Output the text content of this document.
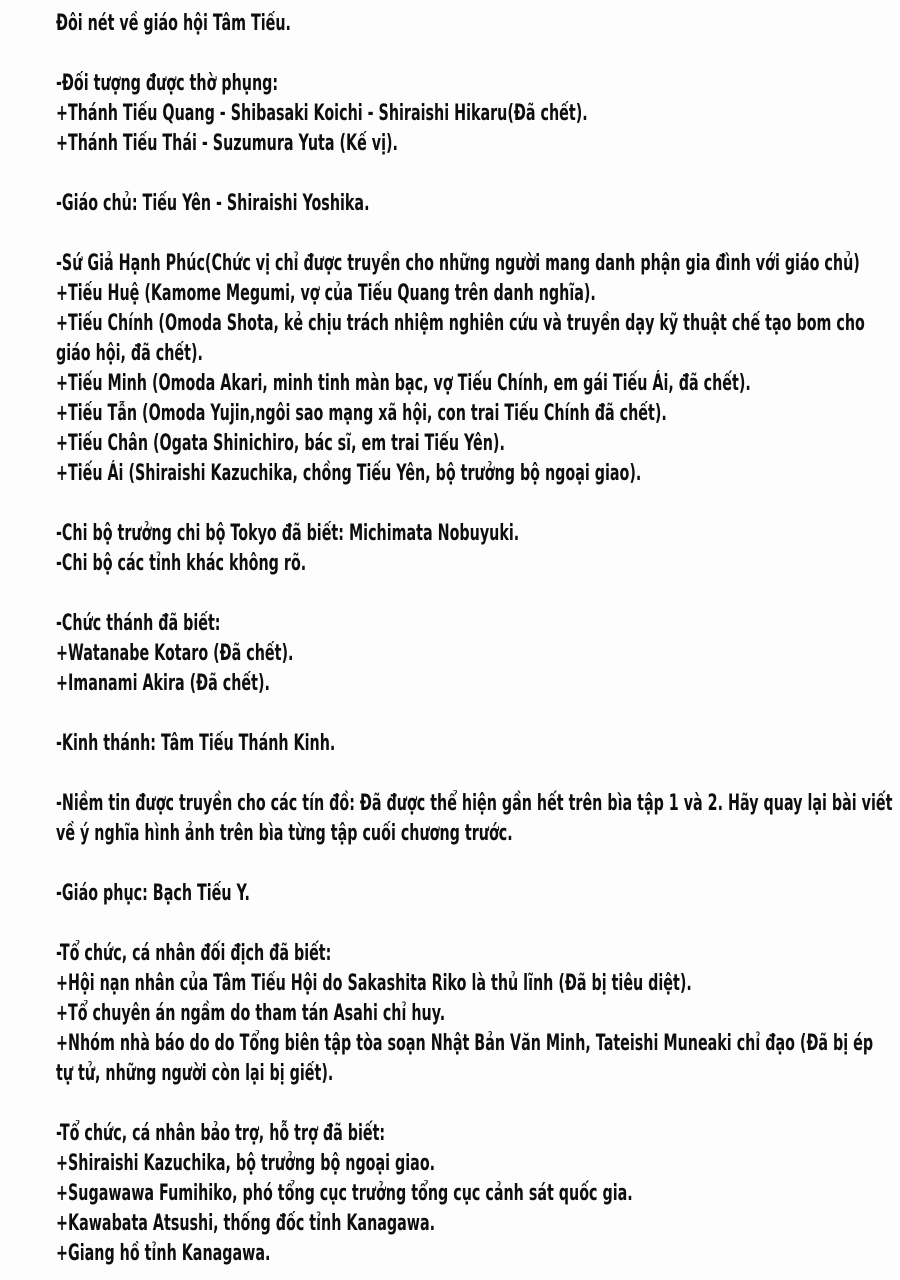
Đôi nét về giáo hội Tâm Tiếu.
-Đối tượng được thờ phụng:
+Thánh Tiếu Quang - Shibasaki Koichi - Shiraishi Hikaru(Đã chết).
+Thánh Tiếu Thái - Suzumura Yuta (Kế vị).
-Giáo chủ: Tiếu Yên - Shiraishi Yoshika.
-Sứ Giả Hạnh Phúc(Chức vị chỉ được truyền cho những người mang danh phận gia đình với giáo chủ)
+Tiếu Huệ (Kamome Megumi, vợ của Tiếu Quang trên danh nghĩa).
+Tiếu Chính (Omoda Shota, kẻ chịu trách nhiệm nghiên cứu và truyền dạy kỹ thuật chế tạo bom cho
giáo hội, đã chết).
+Tiếu Minh (Omoda Akari, minh tinh màn bạc, vợ Tiếu Chính, em gái Tiếu Ái, đã chết).
+Tiếu Tẫn (Omoda Yujin,ngôi sao mạng xã hội, con trai Tiếu Chính đã chết).
+Tiếu Chân (Ogata Shinichiro, bác sĩ, em trai Tiếu Yên).
+Tiếu Ái (Shiraishi Kazuchika, chồng Tiếu Yên, bộ trưởng bộ ngoại giao).
-Chi bộ trưởng chi bộ Tokyo đã biết: Michimata Nobuyuki.
-Chi bộ các tỉnh khác không rõ.
-Chức thánh đã biết:
+Watanabe Kotaro (Đã chết).
+Imanami Akira (Đã chết).
-Kinh thánh: Tâm Tiếu Thánh Kinh.
-Niềm tin được truyền cho các tín đồ: Đã được thể hiện gần hết trên bìa tập 1 và 2. Hãy quay lại bài viết
về ý nghĩa hình ảnh trên bìa từng tập cuối chương trước.
-Giáo phục: Bạch Tiếu Y.
-Tổ chức, cá nhân đối địch đã biết:
+Hội nạn nhân của Tâm Tiếu Hội do Sakashita Riko là thủ lĩnh (Đã bị tiêu diệt).
+Tổ chuyên án ngầm do tham tán Asahi chỉ huy.
+Nhóm nhà báo do do Tổng biên tập tòa soạn Nhật Bản Văn Minh, Tateishi Muneaki chỉ đạo (Đã bị ép
tự tử, những người còn lại bị giết).
-Tổ chức, cá nhân bảo trợ, hỗ trợ đã biết:
+Shiraishi Kazuchika, bộ trưởng bộ ngoại giao.
+Sugawawa Fumihiko, phó tổng cục trưởng tổng cục cảnh sát quốc gia.
+Kawabata Atsushi, thống đốc tỉnh Kanagawa.
+Giang hồ tỉnh Kanagawa.
